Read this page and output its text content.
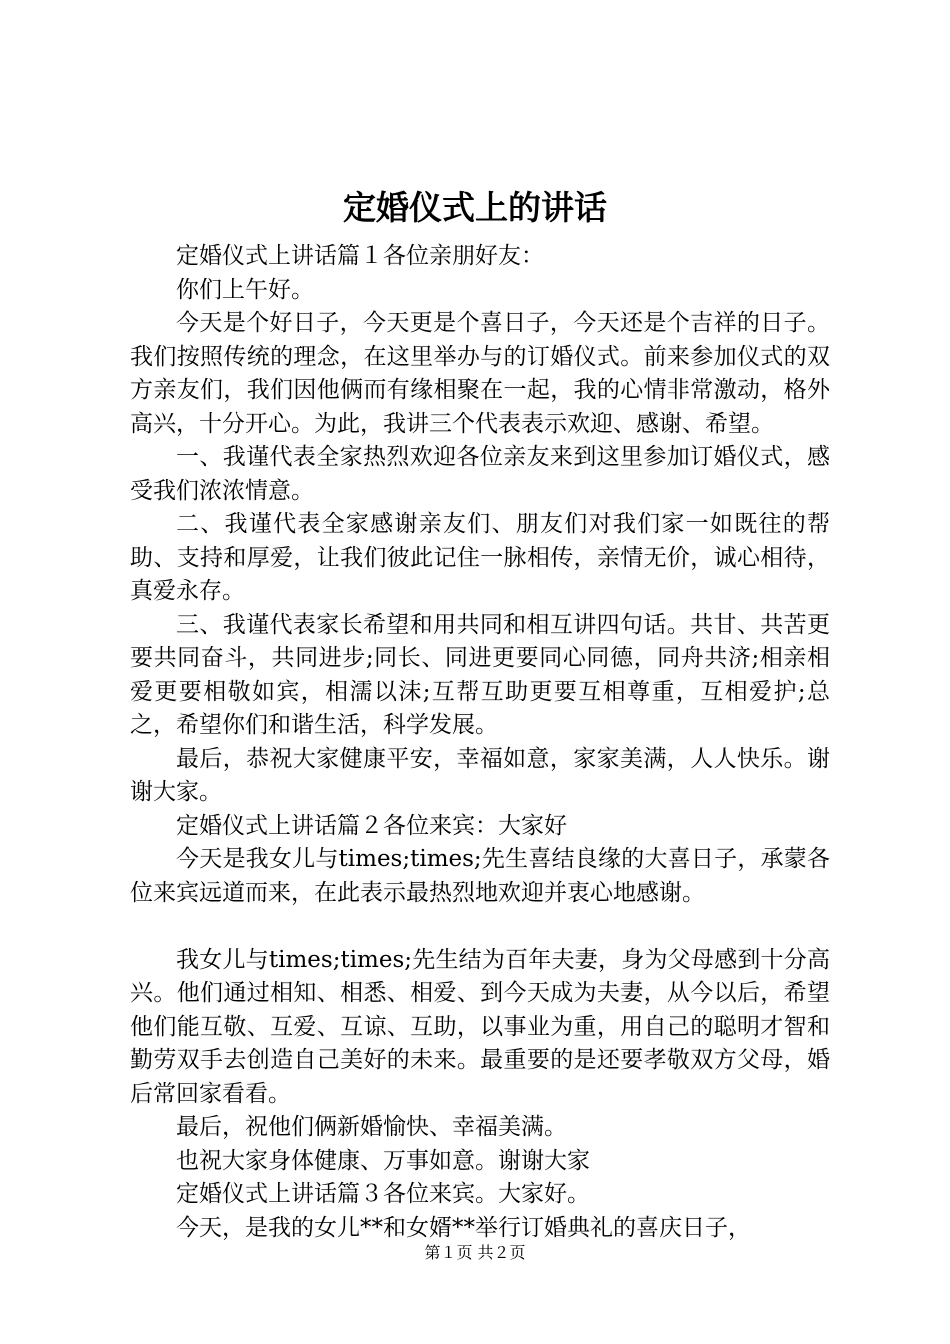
定婚仪式上的讲话

定婚仪式上讲话篇１各位亲朋好友：

你们上午好。

今天是个好日子，今天更是个喜日子，今天还是个吉祥的日子。我们按照传统的理念，在这里举办与的订婚仪式。前来参加仪式的双方亲友们，我们因他俩而有缘相聚在一起，我的心情非常激动，格外高兴，十分开心。为此，我讲三个代表表示欢迎、感谢、希望。

一、我谨代表全家热烈欢迎各位亲友来到这里参加订婚仪式，感受我们浓浓情意。

二、我谨代表全家感谢亲友们、朋友们对我们家一如既往的帮助、支持和厚爱，让我们彼此记住一脉相传，亲情无价，诚心相待，真爱永存。

三、我谨代表家长希望和用共同和相互讲四句话。共甘、共苦更要共同奋斗，共同进步;同长、同进更要同心同德，同舟共济;相亲相爱更要相敬如宾，相濡以沫;互帮互助更要互相尊重，互相爱护;总之，希望你们和谐生活，科学发展。

最后，恭祝大家健康平安，幸福如意，家家美满，人人快乐。谢谢大家。

定婚仪式上讲话篇２各位来宾：大家好

今天是我女儿与times;times;先生喜结良缘的大喜日子，承蒙各位来宾远道而来，在此表示最热烈地欢迎并衷心地感谢。

我女儿与times;times;先生结为百年夫妻，身为父母感到十分高兴。他们通过相知、相悉、相爱、到今天成为夫妻，从今以后，希望他们能互敬、互爱、互谅、互助，以事业为重，用自己的聪明才智和勤劳双手去创造自己美好的未来。最重要的是还要孝敬双方父母，婚后常回家看看。

最后，祝他们俩新婚愉快、幸福美满。

也祝大家身体健康、万事如意。谢谢大家

定婚仪式上讲话篇３各位来宾。大家好。

今天，是我的女儿**和女婿**举行订婚典礼的喜庆日子，

第１页 共２页
